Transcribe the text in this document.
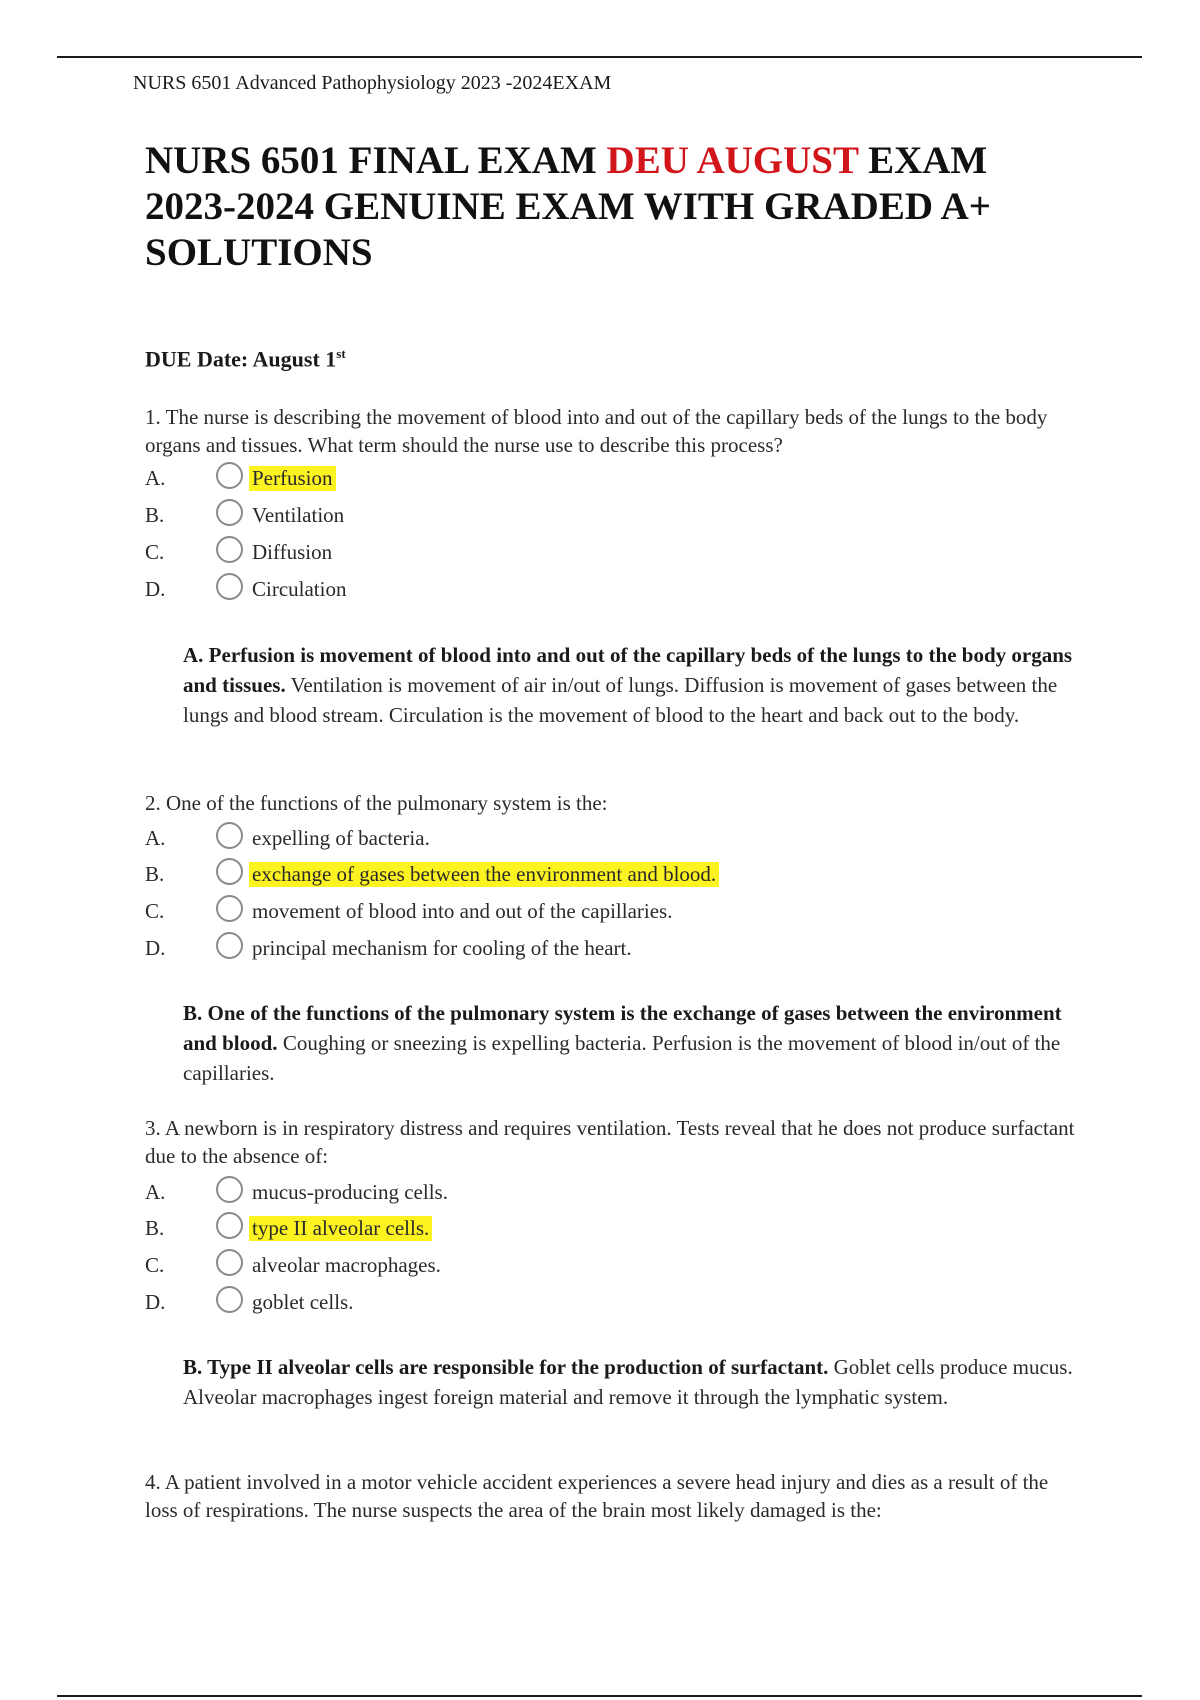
NURS 6501 Advanced Pathophysiology 2023 -2024EXAM
NURS 6501 FINAL EXAM DEU AUGUST EXAM 2023-2024 GENUINE EXAM WITH GRADED A+ SOLUTIONS
DUE Date: August 1st
1. The nurse is describing the movement of blood into and out of the capillary beds of the lungs to the body organs and tissues. What term should the nurse use to describe this process?
A.	Perfusion
B.	Ventilation
C.	Diffusion
D.	Circulation
A. Perfusion is movement of blood into and out of the capillary beds of the lungs to the body organs and tissues. Ventilation is movement of air in/out of lungs. Diffusion is movement of gases between the lungs and blood stream. Circulation is the movement of blood to the heart and back out to the body.
2. One of the functions of the pulmonary system is the:
A.	expelling of bacteria.
B.	exchange of gases between the environment and blood.
C.	movement of blood into and out of the capillaries.
D.	principal mechanism for cooling of the heart.
B. One of the functions of the pulmonary system is the exchange of gases between the environment and blood. Coughing or sneezing is expelling bacteria. Perfusion is the movement of blood in/out of the capillaries.
3. A newborn is in respiratory distress and requires ventilation. Tests reveal that he does not produce surfactant due to the absence of:
A.	mucus-producing cells.
B.	type II alveolar cells.
C.	alveolar macrophages.
D.	goblet cells.
B. Type II alveolar cells are responsible for the production of surfactant. Goblet cells produce mucus. Alveolar macrophages ingest foreign material and remove it through the lymphatic system.
4. A patient involved in a motor vehicle accident experiences a severe head injury and dies as a result of the loss of respirations. The nurse suspects the area of the brain most likely damaged is the:
